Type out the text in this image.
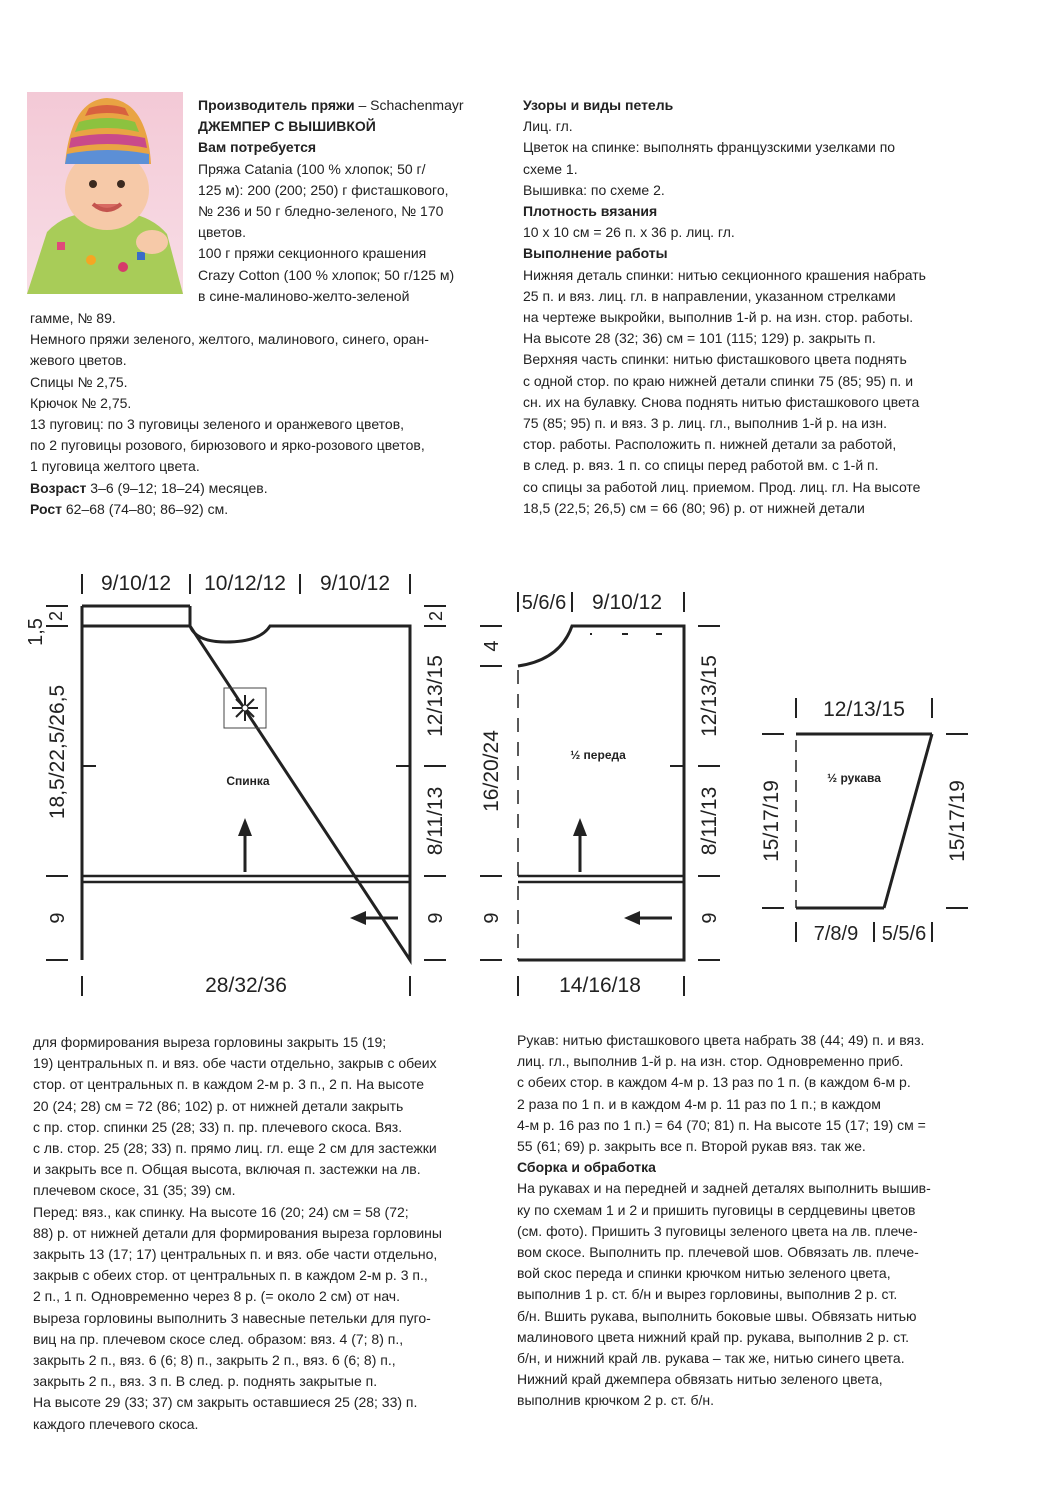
Производитель пряжи – Schachenmayr

ДЖЕМПЕР С ВЫШИВКОЙ

Вам потребуется

Пряжа Catania (100 % хлопок; 50 г/

125 м): 200 (200; 250) г фисташкового,

№ 236 и 50 г бледно-зеленого, № 170

цветов.

100 г пряжи секционного крашения

Crazy Cotton (100 % хлопок; 50 г/125 м)

в сине-малиново-желто-зеленой

гамме, № 89.

Немного пряжи зеленого, желтого, малинового, синего, оран-

жевого цветов.

Спицы № 2,75.

Крючок № 2,75.

13 пуговиц: по 3 пуговицы зеленого и оранжевого цветов,

по 2 пуговицы розового, бирюзового и ярко-розового цветов,

1 пуговица желтого цвета.

Возраст 3–6 (9–12; 18–24) месяцев.

Рост 62–68 (74–80; 86–92) см.

Узоры и виды петель

Лиц. гл.

Цветок на спинке: выполнять французскими узелками по

схеме 1.

Вышивка: по схеме 2.

Плотность вязания

10 х 10 см = 26 п. х 36 р. лиц. гл.

Выполнение работы

Нижняя деталь спинки: нитью секционного крашения набрать

25 п. и вяз. лиц. гл. в направлении, указанном стрелками

на чертеже выкройки, выполнив 1-й р. на изн. стор. работы.

На высоте 28 (32; 36) см = 101 (115; 129) р. закрыть п.

Верхняя часть спинки: нитью фисташкового цвета поднять

с одной стор. по краю нижней детали спинки 75 (85; 95) п. и

сн. их на булавку. Снова поднять нитью фисташкового цвета

75 (85; 95) п. и вяз. 3 р. лиц. гл., выполнив 1-й р. на изн.

стор. работы. Расположить п. нижней детали за работой,

в след. р. вяз. 1 п. со спицы перед работой вм. с 1-й п.

со спицы за работой лиц. приемом. Прод. лиц. гл. На высоте

18,5 (22,5; 26,5) см = 66 (80; 96) р. от нижней детали

9/10/12 10/12/12 9/10/12
28/32/36
Спинка
1,5
2
18,5/22,5/26,5
9
2
12/13/15
8/11/13
9
5/6/6 9/10/12
14/16/18
½ переда
4
16/20/24
9
12/13/15
8/11/13
9
12/13/15
7/8/9 5/5/6
½ рукава
15/17/19	15/17/19

для формирования выреза горловины закрыть 15 (19;

19) центральных п. и вяз. обе части отдельно, закрыв с обеих

стор. от центральных п. в каждом 2-м р. 3 п., 2 п. На высоте

20 (24; 28) см = 72 (86; 102) р. от нижней детали закрыть

с пр. стор. спинки 25 (28; 33) п. пр. плечевого скоса. Вяз.

с лв. стор. 25 (28; 33) п. прямо лиц. гл. еще 2 см для застежки

и закрыть все п. Общая высота, включая п. застежки на лв.

плечевом скосе, 31 (35; 39) см.

Перед: вяз., как спинку. На высоте 16 (20; 24) см = 58 (72;

88) р. от нижней детали для формирования выреза горловины

закрыть 13 (17; 17) центральных п. и вяз. обе части отдельно,

закрыв с обеих стор. от центральных п. в каждом 2-м р. 3 п.,

2 п., 1 п. Одновременно через 8 р. (= около 2 см) от нач.

выреза горловины выполнить 3 навесные петельки для пуго-

виц на пр. плечевом скосе след. образом: вяз. 4 (7; 8) п.,

закрыть 2 п., вяз. 6 (6; 8) п., закрыть 2 п., вяз. 6 (6; 8) п.,

закрыть 2 п., вяз. 3 п. В след. р. поднять закрытые п.

На высоте 29 (33; 37) см закрыть оставшиеся 25 (28; 33) п.

каждого плечевого скоса.

Рукав: нитью фисташкового цвета набрать 38 (44; 49) п. и вяз.

лиц. гл., выполнив 1-й р. на изн. стор. Одновременно приб.

с обеих стор. в каждом 4-м р. 13 раз по 1 п. (в каждом 6-м р.

2 раза по 1 п. и в каждом 4-м р. 11 раз по 1 п.; в каждом

4-м р. 16 раз по 1 п.) = 64 (70; 81) п. На высоте 15 (17; 19) см =

55 (61; 69) р. закрыть все п. Второй рукав вяз. так же.

Сборка и обработка

На рукавах и на передней и задней деталях выполнить вышив-

ку по схемам 1 и 2 и пришить пуговицы в сердцевины цветов

(см. фото). Пришить 3 пуговицы зеленого цвета на лв. плече-

вом скосе. Выполнить пр. плечевой шов. Обвязать лв. плече-

вой скос переда и спинки крючком нитью зеленого цвета,

выполнив 1 р. ст. б/н и вырез горловины, выполнив 2 р. ст.

б/н. Вшить рукава, выполнить боковые швы. Обвязать нитью

малинового цвета нижний край пр. рукава, выполнив 2 р. ст.

б/н, и нижний край лв. рукава – так же, нитью синего цвета.

Нижний край джемпера обвязать нитью зеленого цвета,

выполнив крючком 2 р. ст. б/н.
